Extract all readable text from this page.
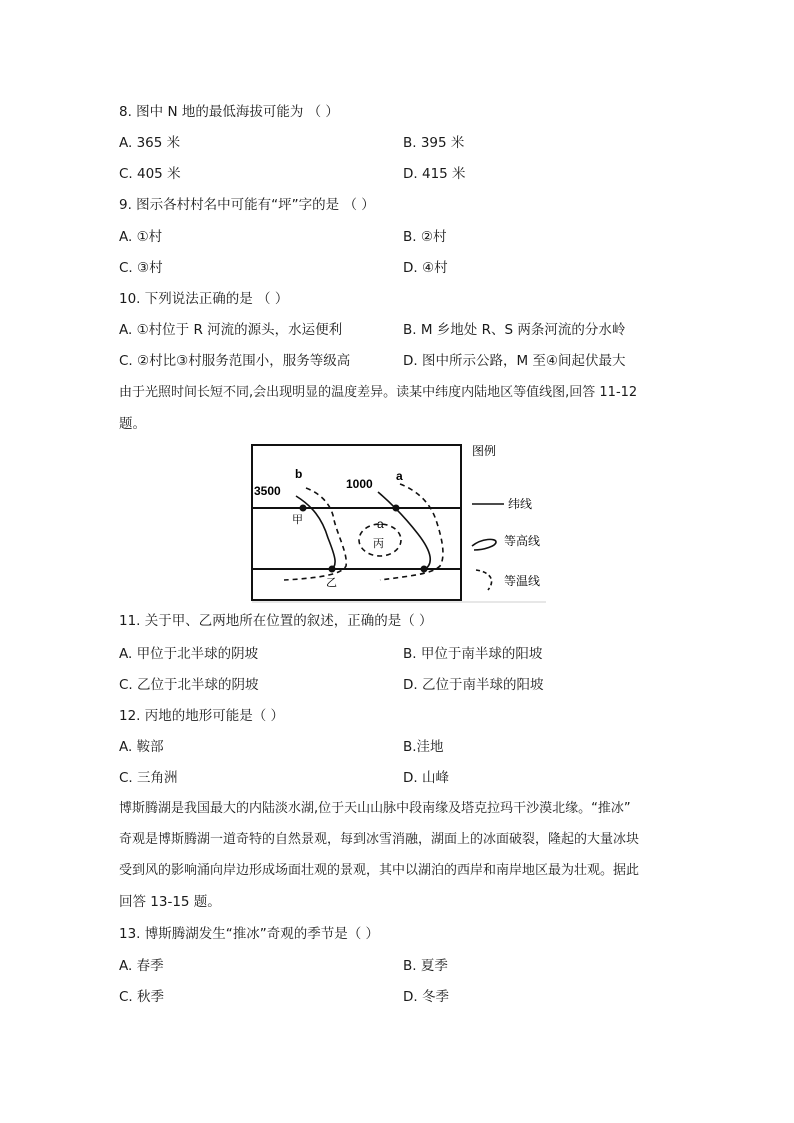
8. 图中 N 地的最低海拔可能为 （ ）
A. 365 米	B. 395 米
C. 405 米	D. 415 米
9. 图示各村村名中可能有“坪”字的是 （ ）
A. ①村	B. ②村
C. ③村	D. ④村
10. 下列说法正确的是 （ ）
A. ①村位于 R 河流的源头，水运便利	B. M 乡地处 R、S 两条河流的分水岭
C. ②村比③村服务范围小，服务等级高	D. 图中所示公路，M 至④间起伏最大
由于光照时间长短不同,会出现明显的温度差异。读某中纬度内陆地区等值线图,回答 11-12
题。
b	a
3500	1000
甲
乙
a
丙
图例
纬线
等高线
等温线
11. 关于甲、乙两地所在位置的叙述，正确的是（ ）
A. 甲位于北半球的阴坡	B. 甲位于南半球的阳坡
C. 乙位于北半球的阴坡	D. 乙位于南半球的阳坡
12. 丙地的地形可能是（ ）
A. 鞍部	B.洼地
C. 三角洲	D. 山峰
博斯腾湖是我国最大的内陆淡水湖,位于天山山脉中段南缘及塔克拉玛干沙漠北缘。“推冰”
奇观是博斯腾湖一道奇特的自然景观，每到冰雪消融，湖面上的冰面破裂，隆起的大量冰块
受到风的影响涌向岸边形成场面壮观的景观，其中以湖泊的西岸和南岸地区最为壮观。据此
回答 13-15 题。
13. 博斯腾湖发生“推冰”奇观的季节是（ ）
A. 春季	B. 夏季
C. 秋季	D. 冬季
